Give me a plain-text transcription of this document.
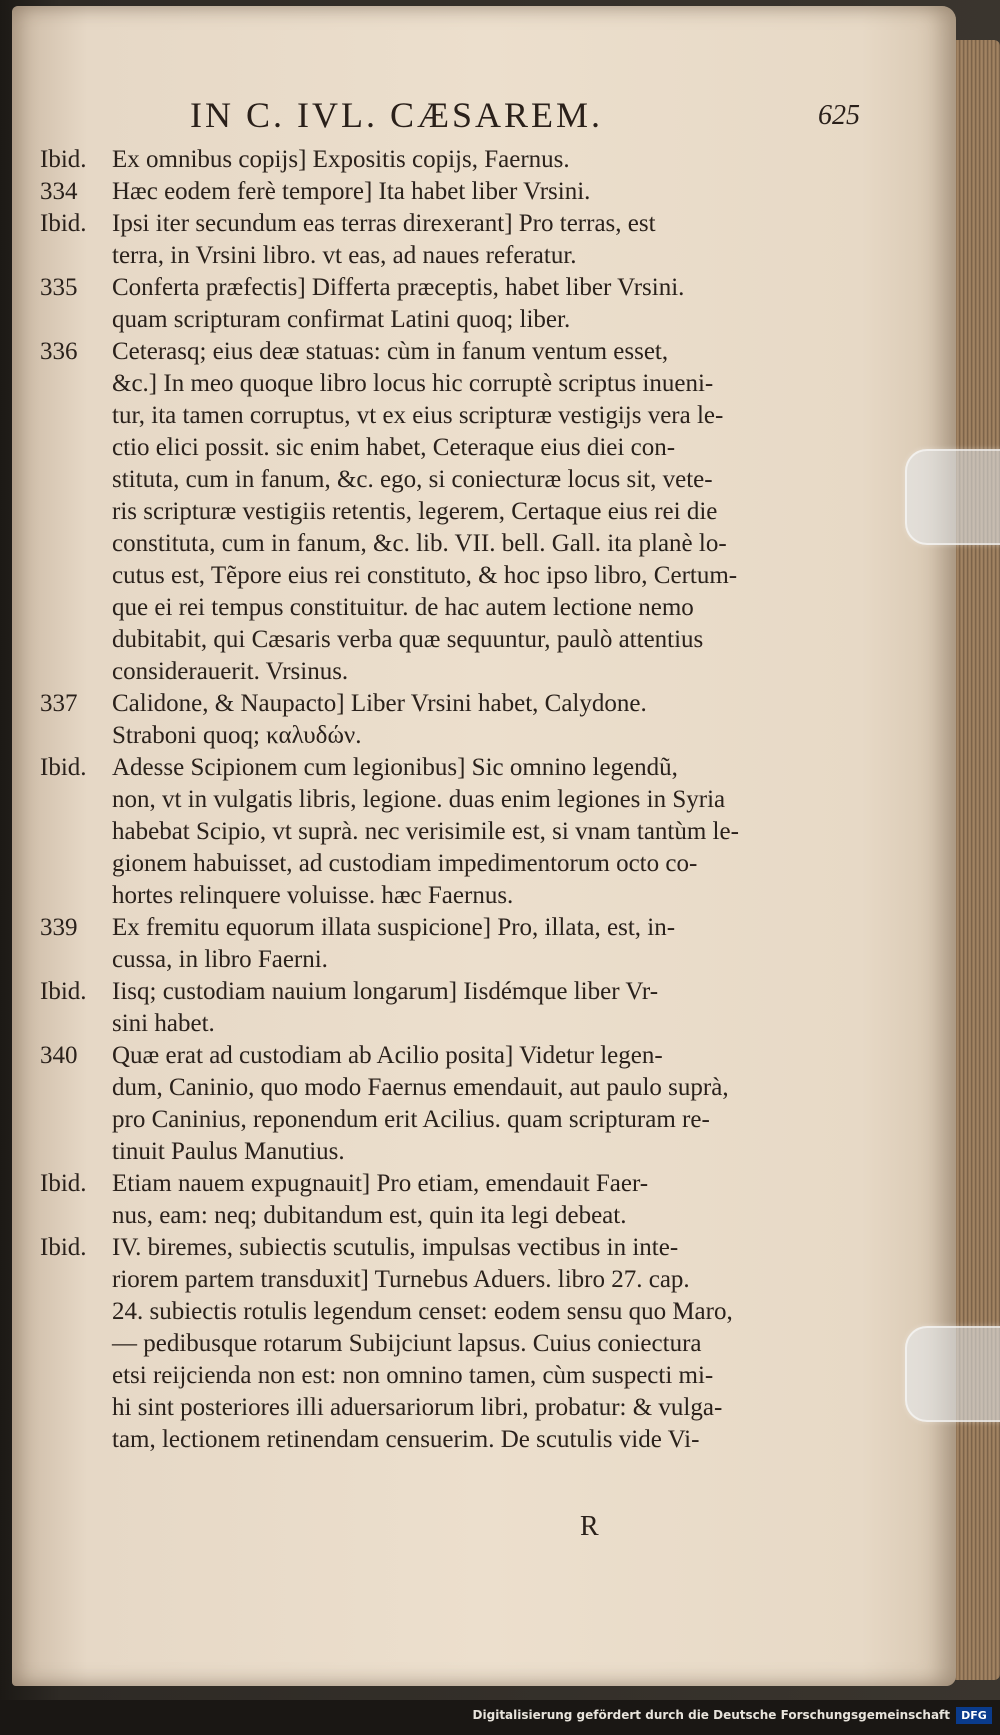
IN C. IVL. CÆSAREM.	625
Ibid.	Ex omnibus copijs] Expositis copijs, Faernus.
334	Hæc eodem ferè tempore] Ita habet liber Vrsini.
Ibid.	Ipsi iter secundum eas terras direxerant] Pro terras, est
terra, in Vrsini libro. vt eas, ad naues referatur.
335	Conferta præfectis] Differta præceptis, habet liber Vrsini.
quam scripturam confirmat Latini quoq; liber.
336	Ceterasq; eius deæ statuas: cùm in fanum ventum esset,
&c.] In meo quoque libro locus hic corruptè scriptus inueni-
tur, ita tamen corruptus, vt ex eius scripturæ vestigijs vera le-
ctio elici possit. sic enim habet, Ceteraque eius diei con-
stituta, cum in fanum, &c. ego, si coniecturæ locus sit, vete-
ris scripturæ vestigiis retentis, legerem, Certaque eius rei die
constituta, cum in fanum, &c. lib. VII. bell. Gall. ita planè lo-
cutus est, Tẽpore eius rei constituto, & hoc ipso libro, Certum-
que ei rei tempus constituitur. de hac autem lectione nemo
dubitabit, qui Cæsaris verba quæ sequuntur, paulò attentius
considerauerit. Vrsinus.
337	Calidone, & Naupacto] Liber Vrsini habet, Calydone.
Straboni quoq; καλυδών.
Ibid.	Adesse Scipionem cum legionibus] Sic omnino legendũ,
non, vt in vulgatis libris, legione. duas enim legiones in Syria
habebat Scipio, vt suprà. nec verisimile est, si vnam tantùm le-
gionem habuisset, ad custodiam impedimentorum octo co-
hortes relinquere voluisse. hæc Faernus.
339	Ex fremitu equorum illata suspicione] Pro, illata, est, in-
cussa, in libro Faerni.
Ibid.	Iisq; custodiam nauium longarum] Iisdémque liber Vr-
sini habet.
340	Quæ erat ad custodiam ab Acilio posita] Videtur legen-
dum, Caninio, quo modo Faernus emendauit, aut paulo suprà,
pro Caninius, reponendum erit Acilius. quam scripturam re-
tinuit Paulus Manutius.
Ibid.	Etiam nauem expugnauit] Pro etiam, emendauit Faer-
nus, eam: neq; dubitandum est, quin ita legi debeat.
Ibid.	IV. biremes, subiectis scutulis, impulsas vectibus in inte-
riorem partem transduxit] Turnebus Aduers. libro 27. cap.
24. subiectis rotulis legendum censet: eodem sensu quo Maro,
— pedibusque rotarum Subijciunt lapsus. Cuius coniectura
etsi reijcienda non est: non omnino tamen, cùm suspecti mi-
hi sint posteriores illi aduersariorum libri, probatur: & vulga-
tam, lectionem retinendam censuerim. De scutulis vide Vi-
R
Digitalisierung gefördert durch die Deutsche Forschungsgemeinschaft	DFG
